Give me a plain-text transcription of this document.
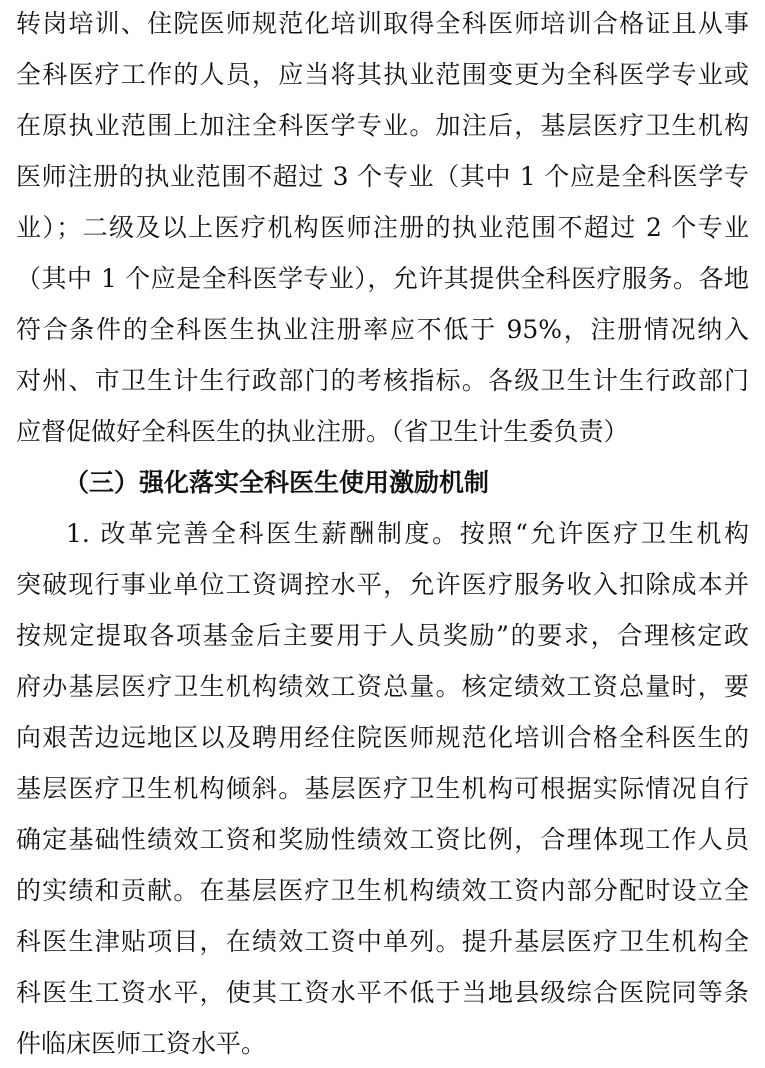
转岗培训、住院医师规范化培训取得全科医师培训合格证且从事
全科医疗工作的人员，应当将其执业范围变更为全科医学专业或
在原执业范围上加注全科医学专业。加注后，基层医疗卫生机构
医师注册的执业范围不超过 3 个专业（其中 1 个应是全科医学专
业）；二级及以上医疗机构医师注册的执业范围不超过 2 个专业
（其中 1 个应是全科医学专业），允许其提供全科医疗服务。各地
符合条件的全科医生执业注册率应不低于 95%，注册情况纳入
对州、市卫生计生行政部门的考核指标。各级卫生计生行政部门
应督促做好全科医生的执业注册。（省卫生计生委负责）
（三）强化落实全科医生使用激励机制
1. 改革完善全科医生薪酬制度。按照“允许医疗卫生机构
突破现行事业单位工资调控水平，允许医疗服务收入扣除成本并
按规定提取各项基金后主要用于人员奖励”的要求，合理核定政
府办基层医疗卫生机构绩效工资总量。核定绩效工资总量时，要
向艰苦边远地区以及聘用经住院医师规范化培训合格全科医生的
基层医疗卫生机构倾斜。基层医疗卫生机构可根据实际情况自行
确定基础性绩效工资和奖励性绩效工资比例，合理体现工作人员
的实绩和贡献。在基层医疗卫生机构绩效工资内部分配时设立全
科医生津贴项目，在绩效工资中单列。提升基层医疗卫生机构全
科医生工资水平，使其工资水平不低于当地县级综合医院同等条
件临床医师工资水平。
